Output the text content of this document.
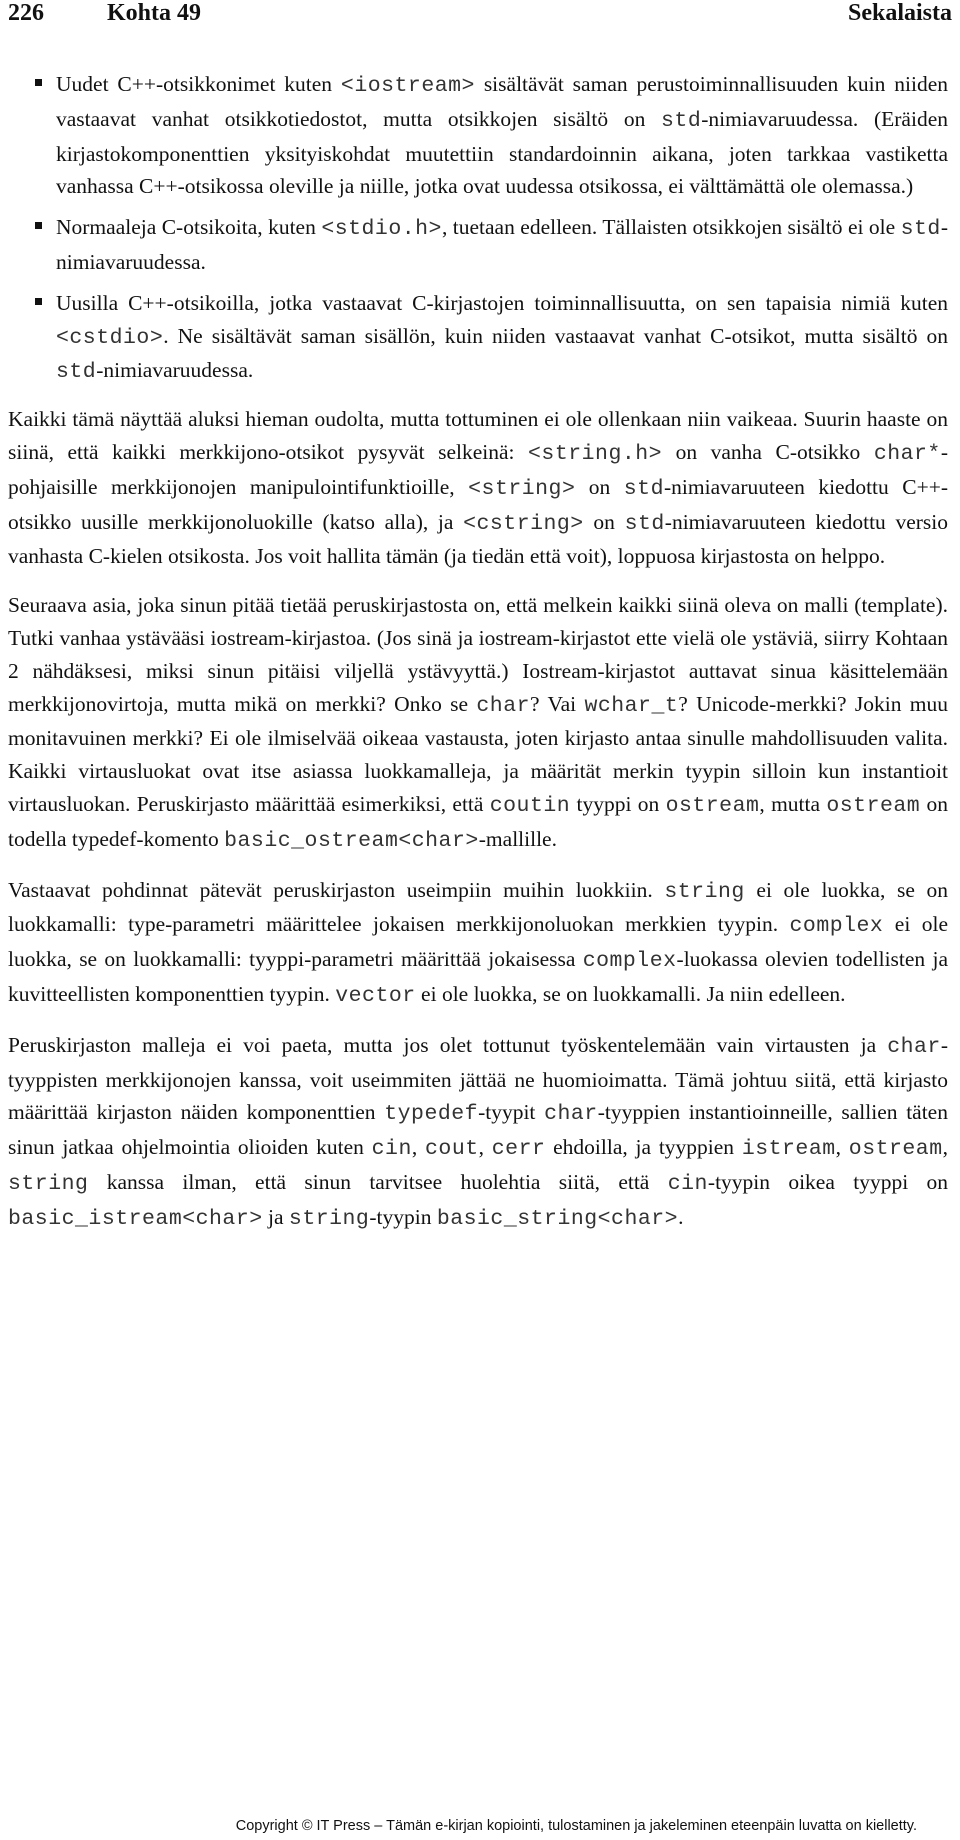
226	Kohta 49	Sekalaista
Uudet C++-otsikkonimet kuten <iostream> sisältävät saman perustoiminnallisuuden kuin niiden vastaavat vanhat otsikkotiedostot, mutta otsikkojen sisältö on std-nimiavaruudessa. (Eräiden kirjastokomponenttien yksityiskohdat muutettiin standardoinnin aikana, joten tarkkaa vastiketta vanhassa C++-otsikossa oleville ja niille, jotka ovat uudessa otsikossa, ei välttämättä ole olemassa.)
Normaaleja C-otsikoita, kuten <stdio.h>, tuetaan edelleen. Tällaisten otsikkojen sisältö ei ole std-nimiavaruudessa.
Uusilla C++-otsikoilla, jotka vastaavat C-kirjastojen toiminnallisuutta, on sen tapaisia nimiä kuten <cstdio>. Ne sisältävät saman sisällön, kuin niiden vastaavat vanhat C-otsikot, mutta sisältö on std-nimiavaruudessa.

Kaikki tämä näyttää aluksi hieman oudolta, mutta tottuminen ei ole ollenkaan niin vaikeaa. Suurin haaste on siinä, että kaikki merkkijono-otsikot pysyvät selkeinä: <string.h> on vanha C-otsikko char*-pohjaisille merkkijonojen manipulointifunktioille, <string> on std-nimiavaruuteen kiedottu C++-otsikko uusille merkkijonoluokille (katso alla), ja <cstring> on std-nimiavaruuteen kiedottu versio vanhasta C-kielen otsikosta. Jos voit hallita tämän (ja tiedän että voit), loppuosa kirjastosta on helppo.

Seuraava asia, joka sinun pitää tietää peruskirjastosta on, että melkein kaikki siinä oleva on malli (template). Tutki vanhaa ystävääsi iostream-kirjastoa. (Jos sinä ja iostream-kirjastot ette vielä ole ystäviä, siirry Kohtaan 2 nähdäksesi, miksi sinun pitäisi viljellä ystävyyttä.) Iostream-kirjastot auttavat sinua käsittelemään merkkijonovirtoja, mutta mikä on merkki? Onko se char? Vai wchar_t? Unicode-merkki? Jokin muu monitavuinen merkki? Ei ole ilmiselvää oikeaa vastausta, joten kirjasto antaa sinulle mahdollisuuden valita. Kaikki virtausluokat ovat itse asiassa luokkamalleja, ja määrität merkin tyypin silloin kun instantioit virtausluokan. Peruskirjasto määrittää esimerkiksi, että coutin tyyppi on ostream, mutta ostream on todella typedef-komento basic_ostream<char>-mallille.

Vastaavat pohdinnat pätevät peruskirjaston useimpiin muihin luokkiin. string ei ole luokka, se on luokkamalli: type-parametri määrittelee jokaisen merkkijonoluokan merkkien tyypin. complex ei ole luokka, se on luokkamalli: tyyppi-parametri määrittää jokaisessa complex-luokassa olevien todellisten ja kuvitteellisten komponenttien tyypin. vector ei ole luokka, se on luokkamalli. Ja niin edelleen.

Peruskirjaston malleja ei voi paeta, mutta jos olet tottunut työskentelemään vain virtausten ja char-tyyppisten merkkijonojen kanssa, voit useimmiten jättää ne huomioimatta. Tämä johtuu siitä, että kirjasto määrittää kirjaston näiden komponenttien typedef-tyypit char-tyyppien instantioinneille, sallien täten sinun jatkaa ohjelmointia olioiden kuten cin, cout, cerr ehdoilla, ja tyyppien istream, ostream, string kanssa ilman, että sinun tarvitsee huolehtia siitä, että cin-tyypin oikea tyyppi on basic_istream<char> ja string-tyypin basic_string<char>.

Copyright © IT Press – Tämän e-kirjan kopiointi, tulostaminen ja jakeleminen eteenpäin luvatta on kielletty.
